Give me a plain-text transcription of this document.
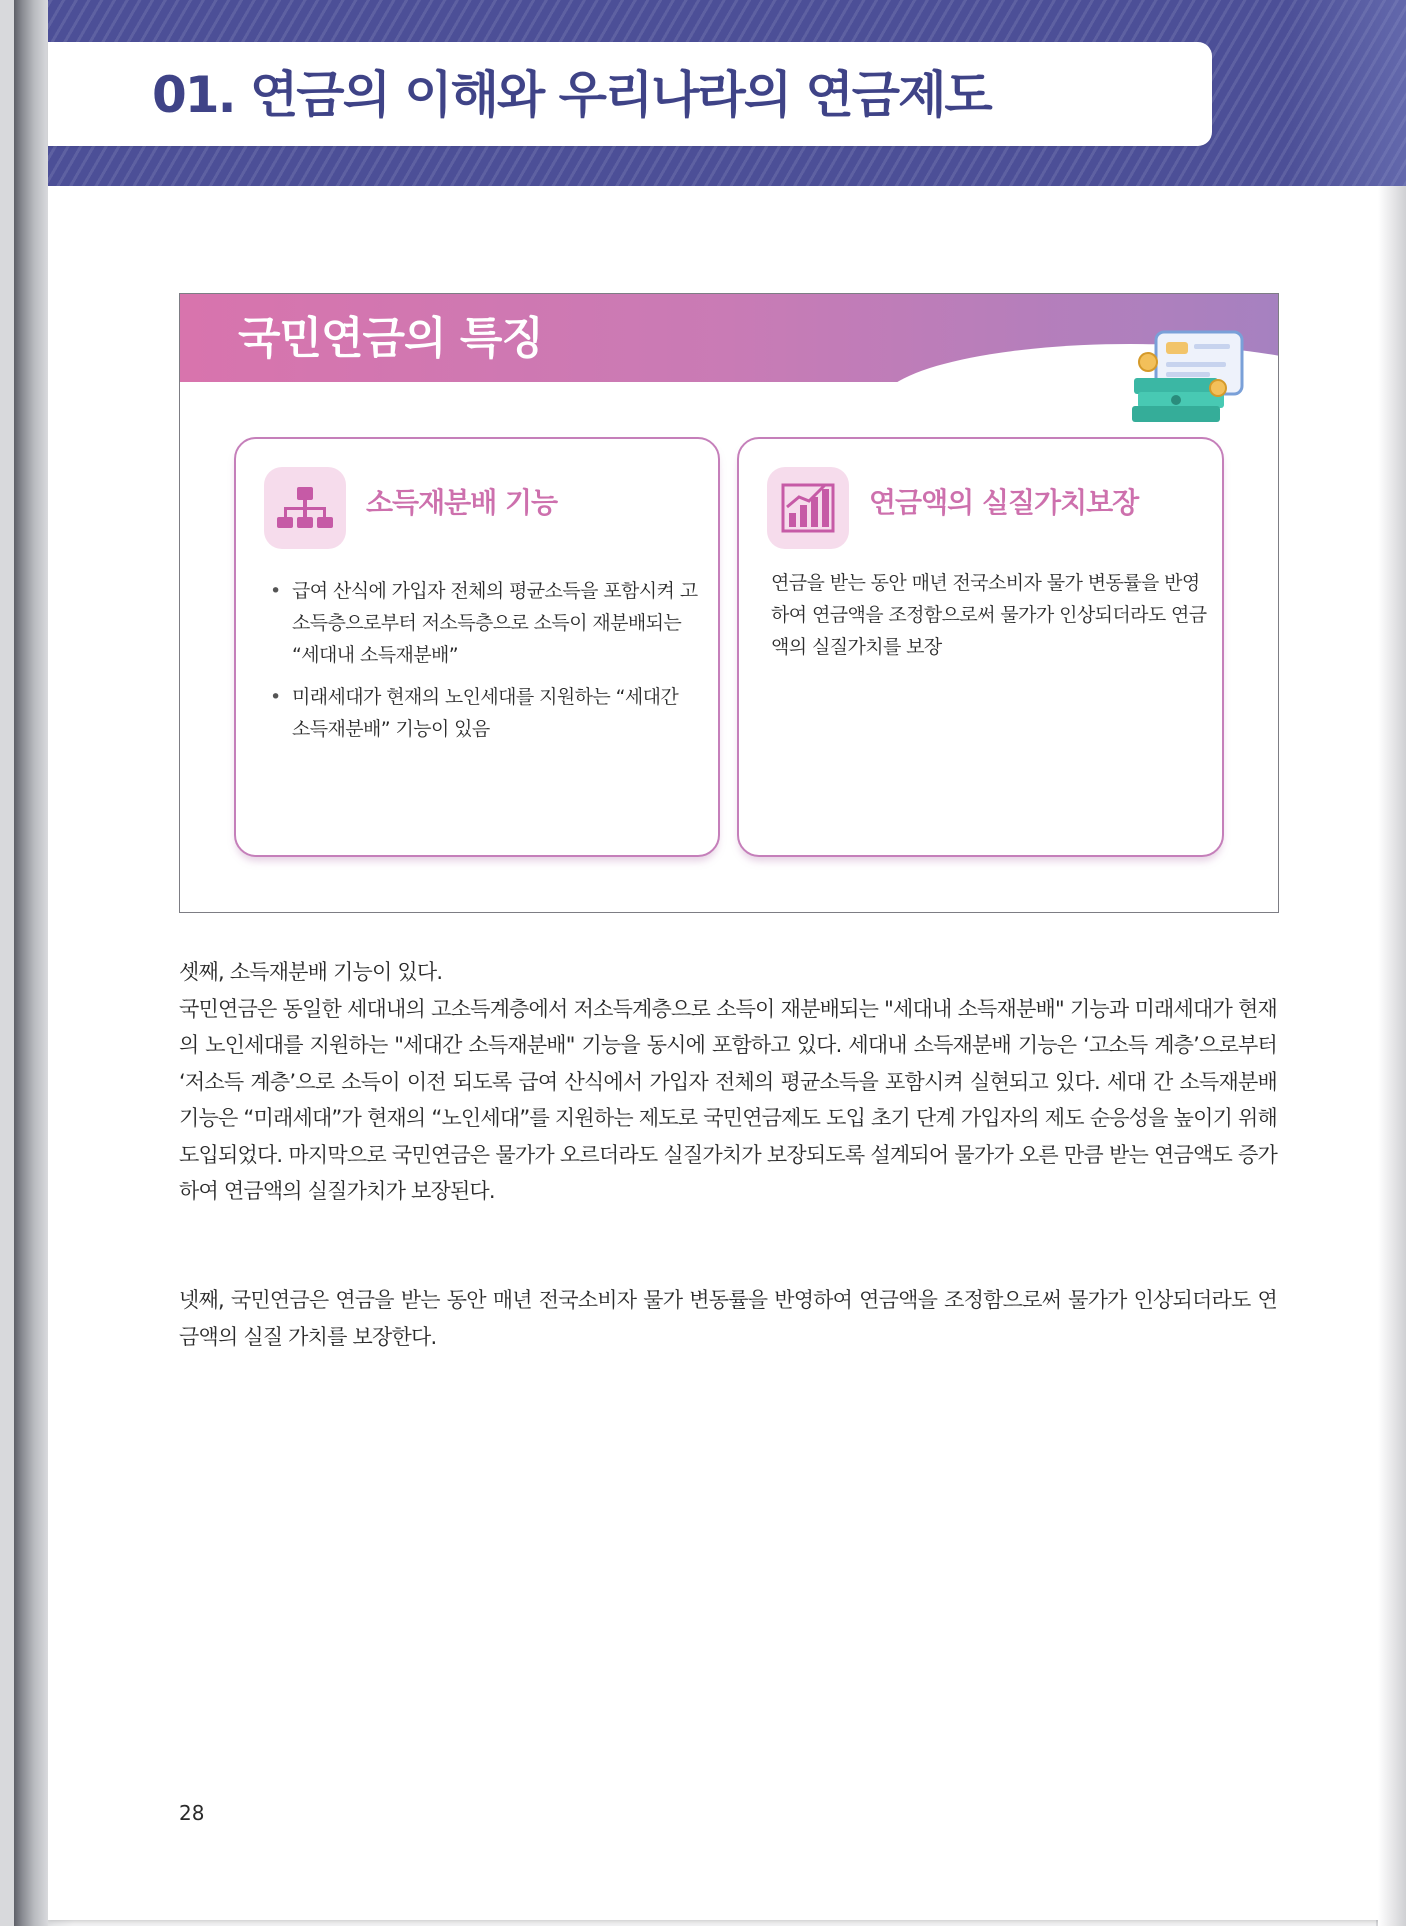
01. 연금의 이해와 우리나라의 연금제도
국민연금의 특징
소득재분배 기능
• 급여 산식에 가입자 전체의 평균소득을 포함시켜 고소득층으로부터 저소득층으로 소득이 재분배되는 “세대내 소득재분배”
• 미래세대가 현재의 노인세대를 지원하는 “세대간 소득재분배” 기능이 있음
연금액의 실질가치보장
연금을 받는 동안 매년 전국소비자 물가 변동률을 반영하여 연금액을 조정함으로써 물가가 인상되더라도 연금액의 실질가치를 보장
셋째, 소득재분배 기능이 있다.
국민연금은 동일한 세대내의 고소득계층에서 저소득계층으로 소득이 재분배되는 "세대내 소득재분배" 기능과 미래세대가 현재의 노인세대를 지원하는 "세대간 소득재분배" 기능을 동시에 포함하고 있다. 세대내 소득재분배 기능은 ‘고소득 계층’으로부터 ‘저소득 계층’으로 소득이 이전 되도록 급여 산식에서 가입자 전체의 평균소득을 포함시켜 실현되고 있다. 세대 간 소득재분배 기능은 “미래세대”가 현재의 “노인세대”를 지원하는 제도로 국민연금제도 도입 초기 단계 가입자의 제도 순응성을 높이기 위해 도입되었다. 마지막으로 국민연금은 물가가 오르더라도 실질가치가 보장되도록 설계되어 물가가 오른 만큼 받는 연금액도 증가하여 연금액의 실질가치가 보장된다.
넷째, 국민연금은 연금을 받는 동안 매년 전국소비자 물가 변동률을 반영하여 연금액을 조정함으로써 물가가 인상되더라도 연금액의 실질 가치를 보장한다.
28
